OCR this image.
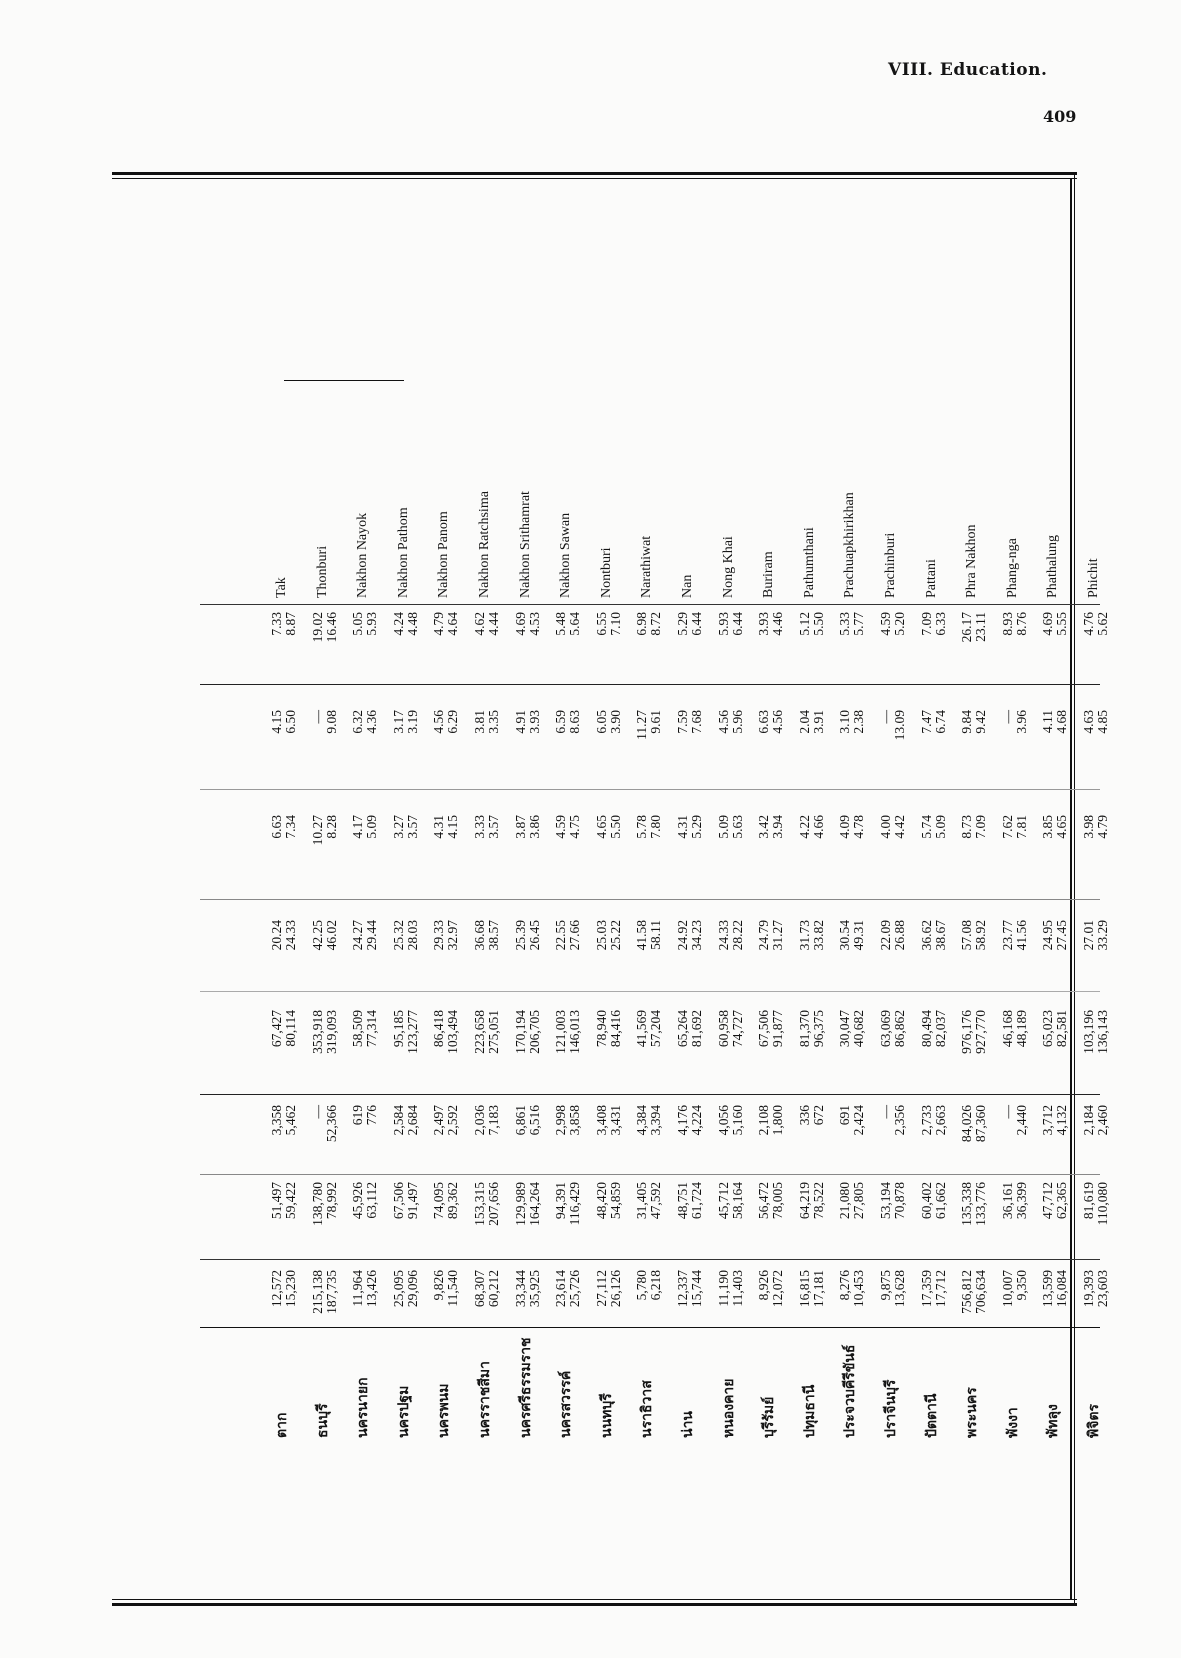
VIII. Education.
409
ตาก
12,572 15,230
51,497 59,422
3,358 5,462
67,427 80,114
20.24 24.33
6.63 7.34
4.15 6.50
7.33 8.87
Tak
ธนบุรี
215,138 187,735
138,780 78,992
— 52,366
353,918 319,093
42.25 46.02
10.27 8.28
— 9.08
19.02 16.46
Thonburi
นครนายก
11,964 13,426
45,926 63,112
619 776
58,509 77,314
24.27 29.44
4.17 5.09
6.32 4.36
5.05 5.93
Nakhon Nayok
นครปฐม
25,095 29,096
67,506 91,497
2,584 2,684
95,185 123,277
25.32 28.03
3.27 3.57
3.17 3.19
4.24 4.48
Nakhon Pathom
นครพนม
9,826 11,540
74,095 89,362
2,497 2,592
86,418 103,494
29.33 32.97
4.31 4.15
4.56 6.29
4.79 4.64
Nakhon Panom
นครราชสีมา
68,307 60,212
153,315 207,656
2,036 7,183
223,658 275,051
36.68 38.57
3.33 3.57
3.81 3.35
4.62 4.44
Nakhon Ratchsima
นครศรีธรรมราช
33,344 35,925
129,989 164,264
6,861 6,516
170,194 206,705
25.39 26.45
3.87 3.86
4.91 3.93
4.69 4.53
Nakhon Srithamrat
นครสวรรค์
23,614 25,726
94,391 116,429
2,998 3,858
121,003 146,013
22.55 27.66
4.59 4.75
6.59 8.63
5.48 5.64
Nakhon Sawan
นนทบุรี
27,112 26,126
48,420 54,859
3,408 3,431
78,940 84,416
25.03 25.22
4.65 5.50
6.05 3.90
6.55 7.10
Nontburi
นราธิวาส
5,780 6,218
31,405 47,592
4,384 3,394
41,569 57,204
41.58 58.11
5.78 7.80
11.27 9.61
6.98 8.72
Narathiwat
น่าน
12,337 15,744
48,751 61,724
4,176 4,224
65,264 81,692
24.92 34.23
4.31 5.29
7.59 7.68
5.29 6.44
Nan
หนองคาย
11,190 11,403
45,712 58,164
4,056 5,160
60,958 74,727
24.33 28.22
5.09 5.63
4.56 5.96
5.93 6.44
Nong Khai
บุรีรัมย์
8,926 12,072
56,472 78,005
2,108 1,800
67,506 91,877
24.79 31.27
3.42 3.94
6.63 4.56
3.93 4.46
Buriram
ปทุมธานี
16,815 17,181
64,219 78,522
336 672
81,370 96,375
31.73 33.82
4.22 4.66
2.04 3.91
5.12 5.50
Pathumthani
ประจวบคีรีขันธ์
8,276 10,453
21,080 27,805
691 2,424
30,047 40,682
30.54 49.31
4.09 4.78
3.10 2.38
5.33 5.77
Prachuapkhirikhan
ปราจีนบุรี
9,875 13,628
53,194 70,878
— 2,356
63,069 86,862
22.09 26.88
4.00 4.42
— 13.09
4.59 5.20
Prachinburi
ปัตตานี
17,359 17,712
60,402 61,662
2,733 2,663
80,494 82,037
36.62 38.67
5.74 5.09
7.47 6.74
7.09 6.33
Pattani
พระนคร
756,812 706,634
135,338 133,776
84,026 87,360
976,176 927,770
57.08 58.92
8.73 7.09
9.84 9.42
26.17 23.11
Phra Nakhon
พังงา
10,007 9,350
36,161 36,399
— 2,440
46,168 48,189
23.77 41.56
7.62 7.81
— 3.96
8.93 8.76
Phang-nga
พัทลุง
13,599 16,084
47,712 62,365
3,712 4,132
65,023 82,581
24.95 27.45
3.85 4.65
4.11 4.68
4.69 5.55
Phathalung
พิจิตร
19,393 23,603
81,619 110,080
2,184 2,460
103,196 136,143
27.01 33.29
3.98 4.79
4.63 4.85
4.76 5.62
Phichit
